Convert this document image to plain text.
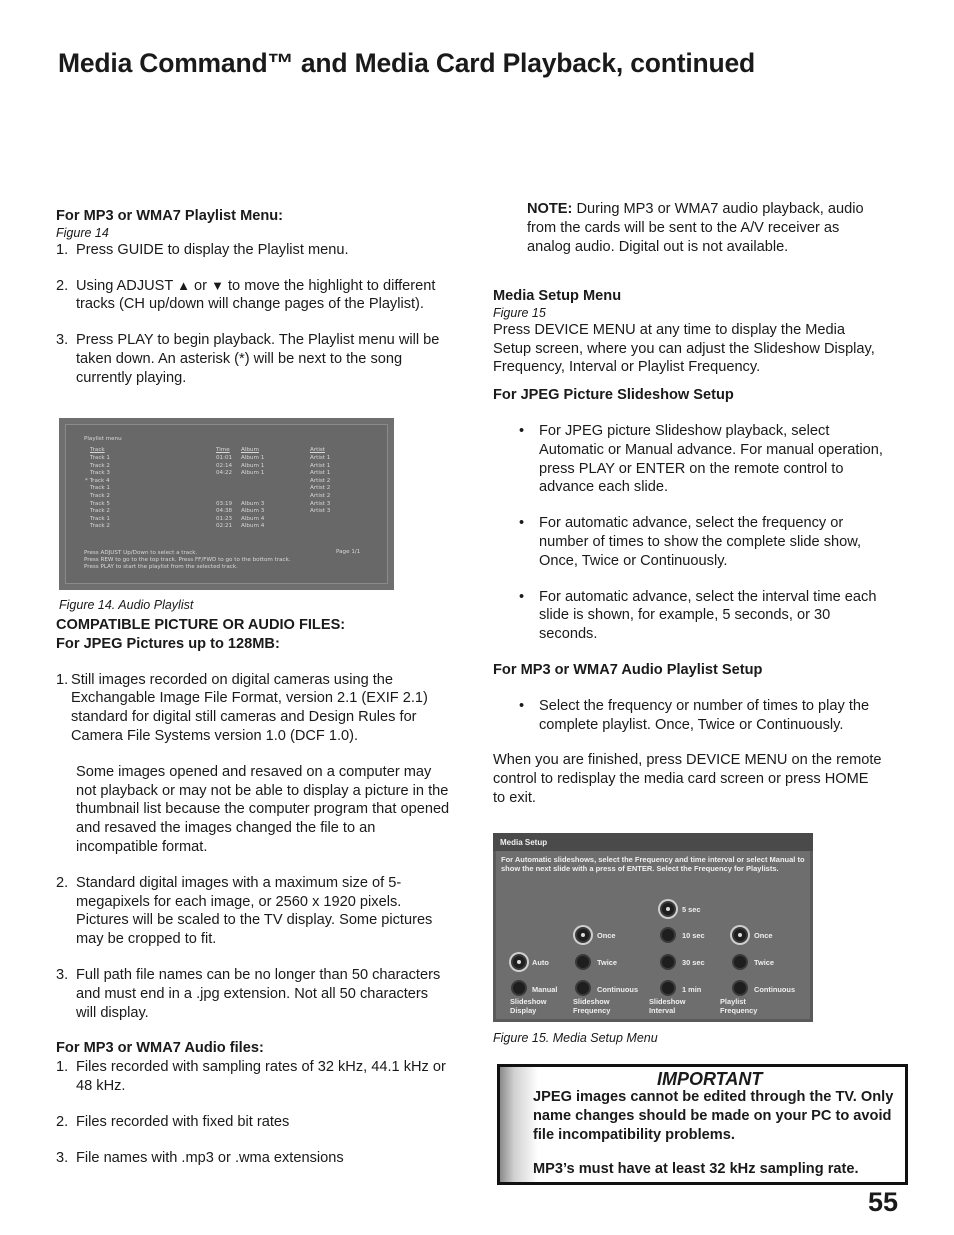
Media Command™ and Media Card Playback, continued
For MP3 or WMA7 Playlist Menu:
Figure 14
1. Press GUIDE to display the Playlist menu.
2. Using ADJUST ▲ or ▼ to move the highlight to different tracks (CH up/down will change pages of the Playlist).
3. Press PLAY to begin playback. The Playlist menu will be taken down. An asterisk (*) will be next to the song currently playing.
Playlist menu
Track	Time Album	Artist
Track 1	01:01 Album 1	Artist 1
Track 2	02:14 Album 1	Artist 1
Track 3	04:22 Album 1	Artist 1
* Track 4	Artist 2
Track 1	Artist 2
Track 2	Artist 2
Track 5	03:19 Album 3	Artist 3
Track 2	04:38 Album 3	Artist 3
Track 1	01:23 Album 4
Track 2	02:21 Album 4
Press ADJUST Up/Down to select a track.
Press REW to go to the top track. Press FF/FWD to go to the bottom track.
Press PLAY to start the playlist from the selected track.
Page 1/1
Figure 14. Audio Playlist
COMPATIBLE PICTURE OR AUDIO FILES:
For JPEG Pictures up to 128MB:
1. Still images recorded on digital cameras using the Exchangable Image File Format, version 2.1 (EXIF 2.1) standard for digital still cameras and Design Rules for Camera File Systems version 1.0 (DCF 1.0).
Some images opened and resaved on a computer may not playback or may not be able to display a picture in the thumbnail list because the computer program that opened and resaved the images changed the file to an incompatible format.
2. Standard digital images with a maximum size of 5-megapixels for each image, or 2560 x 1920 pixels. Pictures will be scaled to the TV display. Some pictures may be cropped to fit.
3. Full path file names can be no longer than 50 characters and must end in a .jpg extension. Not all 50 characters will display.
For MP3 or WMA7 Audio files:
1. Files recorded with sampling rates of 32 kHz, 44.1 kHz or 48 kHz.
2. Files recorded with fixed bit rates
3. File names with .mp3 or .wma extensions
NOTE: During MP3 or WMA7 audio playback, audio from the cards will be sent to the A/V receiver as analog audio. Digital out is not available.
Media Setup Menu
Figure 15
Press DEVICE MENU at any time to display the Media Setup screen, where you can adjust the Slideshow Display, Frequency, Interval or Playlist Frequency.
For JPEG Picture Slideshow Setup
•	For JPEG picture Slideshow playback, select Automatic or Manual advance. For manual operation, press PLAY or ENTER on the remote control to advance each slide.
•	For automatic advance, select the frequency or number of times to show the complete slide show, Once, Twice or Continuously.
•	For automatic advance, select the interval time each slide is shown, for example, 5 seconds, or 30 seconds.
For MP3 or WMA7 Audio Playlist Setup
•	Select the frequency or number of times to play the complete playlist. Once, Twice or Continuously.
When you are finished, press DEVICE MENU on the remote control to redisplay the media card screen or press HOME to exit.
Media Setup
For Automatic slideshows, select the Frequency and time interval or select Manual to show the next slide with a press of ENTER. Select the Frequency for Playlists.
Auto
Manual
Once
Twice
Continuous
5 sec
10 sec
30 sec
1 min
Once
Twice
Continuous
Slideshow Display
Slideshow Frequency
Slideshow Interval
Playlist Frequency
Figure 15. Media Setup Menu
IMPORTANT
JPEG images cannot be edited through the TV. Only name changes should be made on your PC to avoid file incompatibility problems.
MP3’s must have at least 32 kHz sampling rate.
55
